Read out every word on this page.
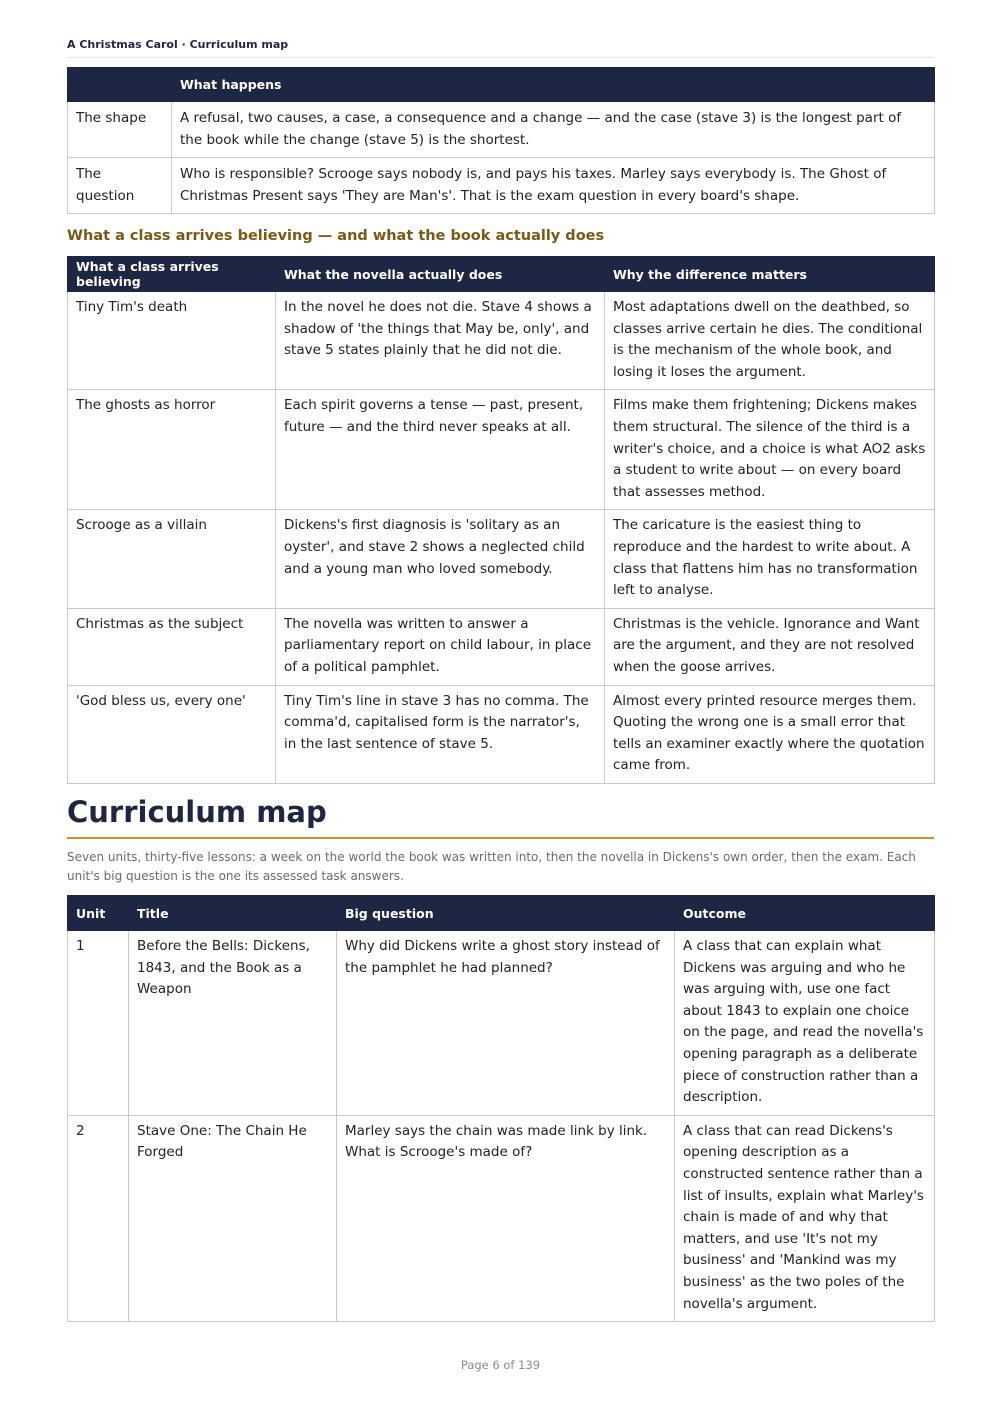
A Christmas Carol · Curriculum map
	What happens
The shape	A refusal, two causes, a case, a consequence and a change — and the case (stave 3) is the longest part of the book while the change (stave 5) is the shortest.
The question	Who is responsible? Scrooge says nobody is, and pays his taxes. Marley says everybody is. The Ghost of Christmas Present says 'They are Man's'. That is the exam question in every board's shape.
What a class arrives believing — and what the book actually does
What a class arrives believing	What the novella actually does	Why the difference matters
Tiny Tim's death	In the novel he does not die. Stave 4 shows a shadow of 'the things that May be, only', and stave 5 states plainly that he did not die.	Most adaptations dwell on the deathbed, so classes arrive certain he dies. The conditional is the mechanism of the whole book, and losing it loses the argument.
The ghosts as horror	Each spirit governs a tense — past, present, future — and the third never speaks at all.	Films make them frightening; Dickens makes them structural. The silence of the third is a writer's choice, and a choice is what AO2 asks a student to write about — on every board that assesses method.
Scrooge as a villain	Dickens's first diagnosis is 'solitary as an oyster', and stave 2 shows a neglected child and a young man who loved somebody.	The caricature is the easiest thing to reproduce and the hardest to write about. A class that flattens him has no transformation left to analyse.
Christmas as the subject	The novella was written to answer a parliamentary report on child labour, in place of a political pamphlet.	Christmas is the vehicle. Ignorance and Want are the argument, and they are not resolved when the goose arrives.
'God bless us, every one'	Tiny Tim's line in stave 3 has no comma. The comma'd, capitalised form is the narrator's, in the last sentence of stave 5.	Almost every printed resource merges them. Quoting the wrong one is a small error that tells an examiner exactly where the quotation came from.
Curriculum map

Seven units, thirty-five lessons: a week on the world the book was written into, then the novella in Dickens's own order, then the exam. Each unit's big question is the one its assessed task answers.

Unit	Title	Big question	Outcome
1	Before the Bells: Dickens, 1843, and the Book as a Weapon	Why did Dickens write a ghost story instead of the pamphlet he had planned?	A class that can explain what Dickens was arguing and who he was arguing with, use one fact about 1843 to explain one choice on the page, and read the novella's opening paragraph as a deliberate piece of construction rather than a description.
2	Stave One: The Chain He Forged	Marley says the chain was made link by link. What is Scrooge's made of?	A class that can read Dickens's opening description as a constructed sentence rather than a list of insults, explain what Marley's chain is made of and why that matters, and use 'It's not my business' and 'Mankind was my business' as the two poles of the novella's argument.
Page 6 of 139
